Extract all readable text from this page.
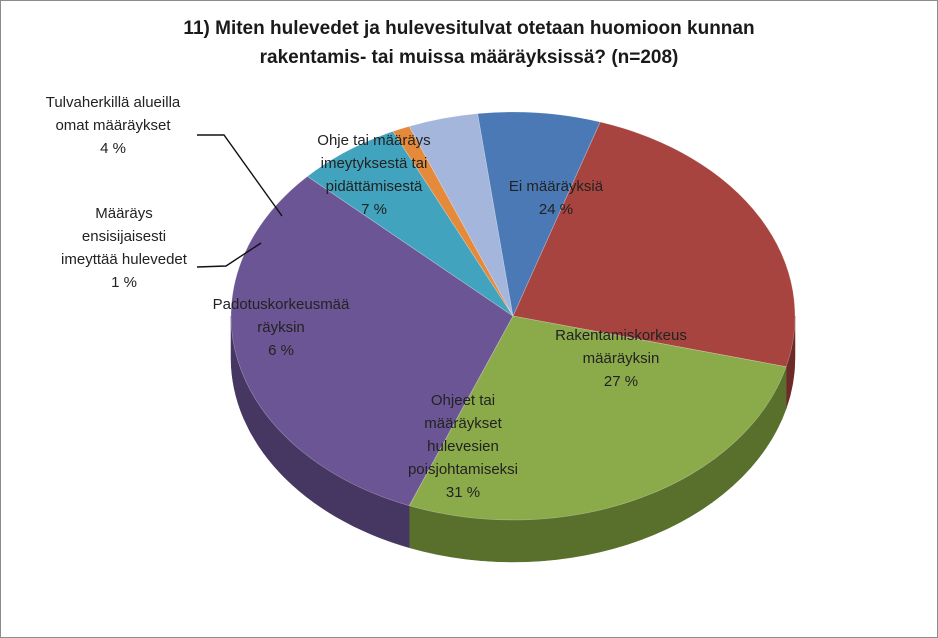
11) Miten hulevedet ja hulevesitulvat otetaan huomioon kunnan
rakentamis- tai muissa määräyksissä? (n=208)
Ei määräyksiä
24 %
Rakentamiskorkeus
määräyksin
27 %
Ohjeet tai
määräykset
hulevesien
poisjohtamiseksi
31 %
Padotuskorkeusmää
räyksin
6 %
Määräys
ensisijaisesti
imeyttää hulevedet
1 %
Tulvaherkillä alueilla
omat määräykset
4 %	Ohje tai määräys
imeytyksestä tai
pidättämisestä
7 %
